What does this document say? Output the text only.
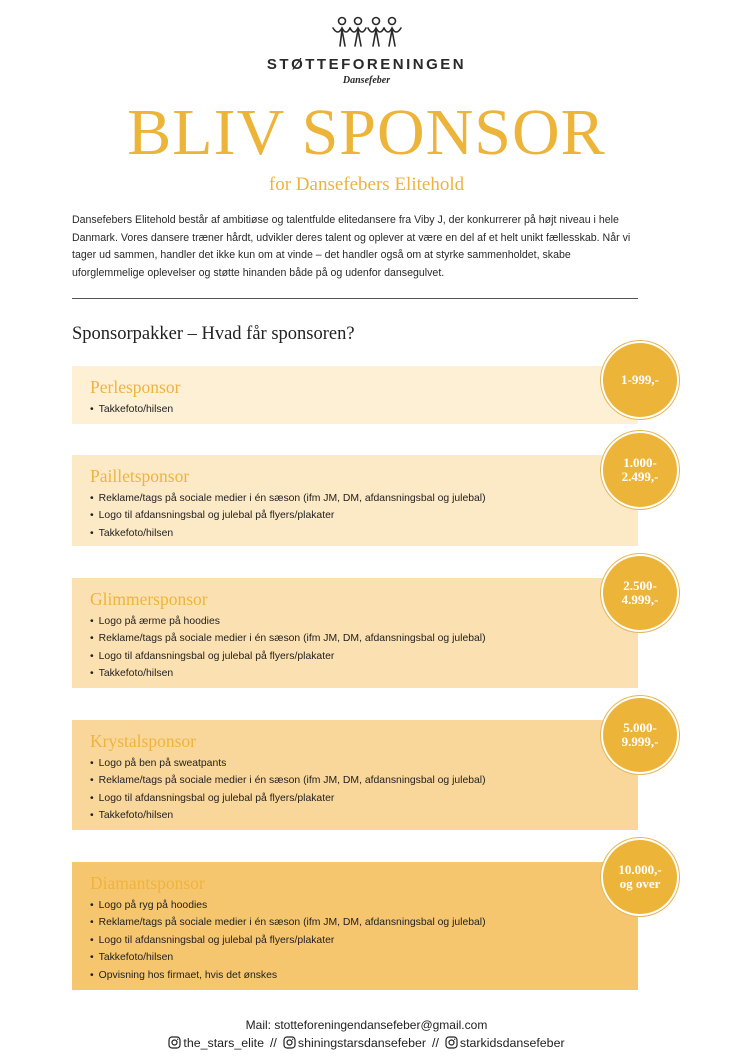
STØTTEFORENINGEN
Dansefeber
BLIV SPONSOR
for Dansefebers Elitehold
Dansefebers Elitehold består af ambitiøse og talentfulde elitedansere fra Viby J, der konkurrerer på højt niveau i hele Danmark. Vores dansere træner hårdt, udvikler deres talent og oplever at være en del af et helt unikt fællesskab. Når vi tager ud sammen, handler det ikke kun om at vinde – det handler også om at styrke sammenholdet, skabe uforglemmelige oplevelser og støtte hinanden både på og udenfor dansegulvet.
Sponsorpakker – Hvad får sponsoren?
Perlesponsor
• Takkefoto/hilsen
1-999,-
Pailletsponsor
• Reklame/tags på sociale medier i én sæson (ifm JM, DM, afdansningsbal og julebal)
• Logo til afdansningsbal og julebal på flyers/plakater
• Takkefoto/hilsen
1.000-
2.499,-
Glimmersponsor
• Logo på ærme på hoodies
• Reklame/tags på sociale medier i én sæson (ifm JM, DM, afdansningsbal og julebal)
• Logo til afdansningsbal og julebal på flyers/plakater
• Takkefoto/hilsen
2.500-
4.999,-
Krystalsponsor
• Logo på ben på sweatpants
• Reklame/tags på sociale medier i én sæson (ifm JM, DM, afdansningsbal og julebal)
• Logo til afdansningsbal og julebal på flyers/plakater
• Takkefoto/hilsen
5.000-
9.999,-
Diamantsponsor
• Logo på ryg på hoodies
• Reklame/tags på sociale medier i én sæson (ifm JM, DM, afdansningsbal og julebal)
• Logo til afdansningsbal og julebal på flyers/plakater
• Takkefoto/hilsen
• Opvisning hos firmaet, hvis det ønskes
10.000,-
og over
Mail: stotteforeningendansefeber@gmail.com
the_stars_elite // shiningstarsdansefeber // starkidsdansefeber
